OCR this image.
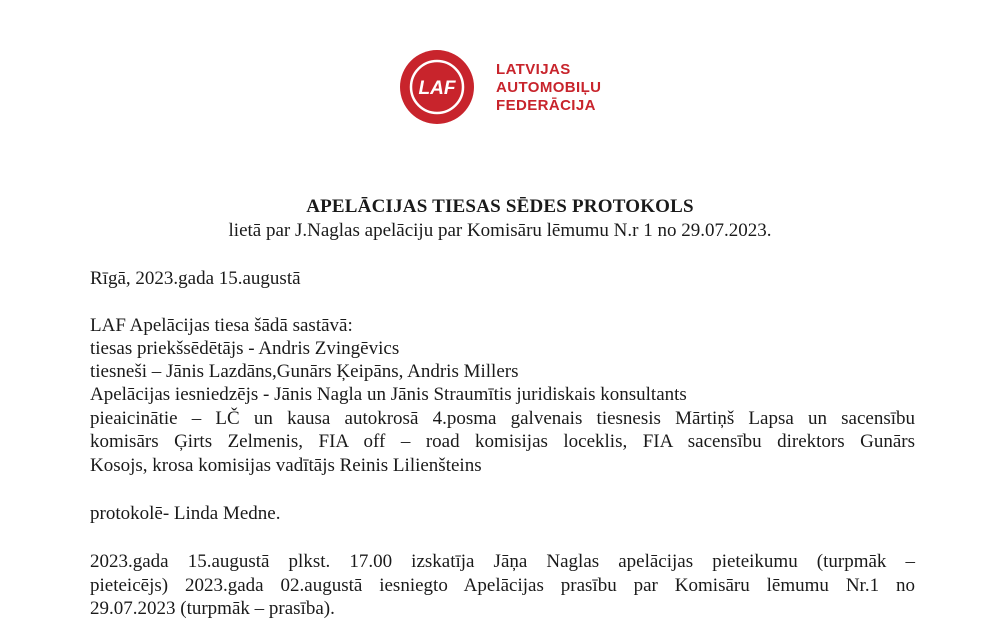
LAF
LATVIJAS
AUTOMOBIĻU
FEDERĀCIJA
APELĀCIJAS TIESAS SĒDES PROTOKOLS
lietā par J.Naglas apelāciju par Komisāru lēmumu N.r 1 no 29.07.2023.
Rīgā, 2023.gada 15.augustā
LAF Apelācijas tiesa šādā sastāvā:
tiesas priekšsēdētājs - Andris Zvingēvics
tiesneši – Jānis Lazdāns,Gunārs Ķeipāns, Andris Millers
Apelācijas iesniedzējs - Jānis Nagla un Jānis Straumītis juridiskais konsultants
pieaicinātie – LČ un kausa autokrosā 4.posma galvenais tiesnesis Mārtiņš Lapsa un sacensību
komisārs Ģirts Zelmenis, FIA off – road komisijas loceklis, FIA sacensību direktors Gunārs
Kosojs, krosa komisijas vadītājs Reinis Lilienšteins
protokolē- Linda Medne.
2023.gada 15.augustā plkst. 17.00 izskatīja Jāņa Naglas apelācijas pieteikumu (turpmāk –
pieteicējs) 2023.gada 02.augustā iesniegto Apelācijas prasību par Komisāru lēmumu Nr.1 no
29.07.2023 (turpmāk – prasība).
